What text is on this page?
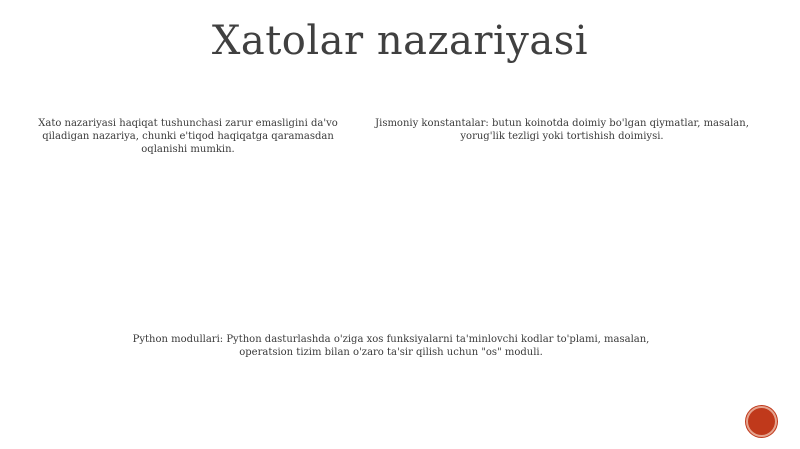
Xatolar nazariyasi
Xato nazariyasi haqiqat tushunchasi zarur emasligini da'vo qiladigan nazariya, chunki e'tiqod haqiqatga qaramasdan oqlanishi mumkin.
Jismoniy konstantalar: butun koinotda doimiy bo'lgan qiymatlar, masalan, yorug'lik tezligi yoki tortishish doimiysi.
Python modullari: Python dasturlashda o'ziga xos funksiyalarni ta'minlovchi kodlar to'plami, masalan, operatsion tizim bilan o'zaro ta'sir qilish uchun "os" moduli.
